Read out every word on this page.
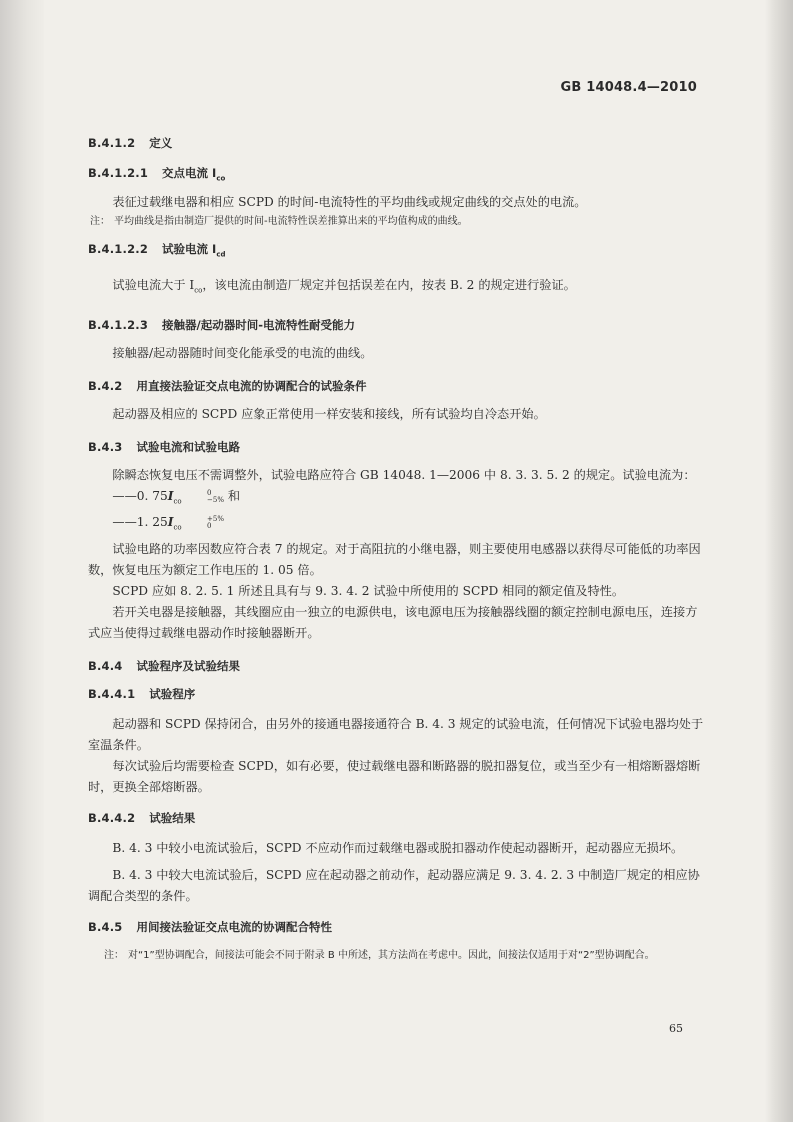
GB 14048.4—2010
B.4.1.2 定义
B.4.1.2.1 交点电流 $I_{co}$
表征过载继电器和相应 SCPD 的时间-电流特性的平均曲线或规定曲线的交点处的电流。
注： 平均曲线是指由制造厂提供的时间-电流特性误差推算出来的平均值构成的曲线。
B.4.1.2.2 试验电流 $I_{cd}$
试验电流大于 $I_{co}$，该电流由制造厂规定并包括误差在内，按表 B. 2 的规定进行验证。
B.4.1.2.3 接触器/起动器时间-电流特性耐受能力
接触器/起动器随时间变化能承受的电流的曲线。
B.4.2 用直接法验证交点电流的协调配合的试验条件
起动器及相应的 SCPD 应象正常使用一样安装和接线，所有试验均自冷态开始。
B.4.3 试验电流和试验电路
除瞬态恢复电压不需调整外，试验电路应符合 GB 14048. 1—2006 中 8. 3. 3. 5. 2 的规定。试验电流为：
——0. $75I_{co}$
0
−5% 和
——1. $25I_{co}$
+5%
0
试验电路的功率因数应符合表 7 的规定。对于高阻抗的小继电器，则主要使用电感器以获得尽可能低的功率因数，恢复电压为额定工作电压的 1. 05 倍。
SCPD 应如 8. 2. 5. 1 所述且具有与 9. 3. 4. 2 试验中所使用的 SCPD 相同的额定值及特性。
若开关电器是接触器，其线圈应由一独立的电源供电，该电源电压为接触器线圈的额定控制电源电压，连接方式应当使得过载继电器动作时接触器断开。
B.4.4 试验程序及试验结果
B.4.4.1 试验程序
起动器和 SCPD 保持闭合，由另外的接通电器接通符合 B. 4. 3 规定的试验电流，任何情况下试验电器均处于室温条件。
每次试验后均需要检查 SCPD，如有必要，使过载继电器和断路器的脱扣器复位，或当至少有一相熔断器熔断时，更换全部熔断器。
B.4.4.2 试验结果
B. 4. 3 中较小电流试验后，SCPD 不应动作而过载继电器或脱扣器动作使起动器断开，起动器应无损坏。
B. 4. 3 中较大电流试验后，SCPD 应在起动器之前动作，起动器应满足 9. 3. 4. 2. 3 中制造厂规定的相应协调配合类型的条件。
B.4.5 用间接法验证交点电流的协调配合特性
注： 对“1”型协调配合，间接法可能会不同于附录 B 中所述，其方法尚在考虑中。因此，间接法仅适用于对“2”型协调配合。
65
